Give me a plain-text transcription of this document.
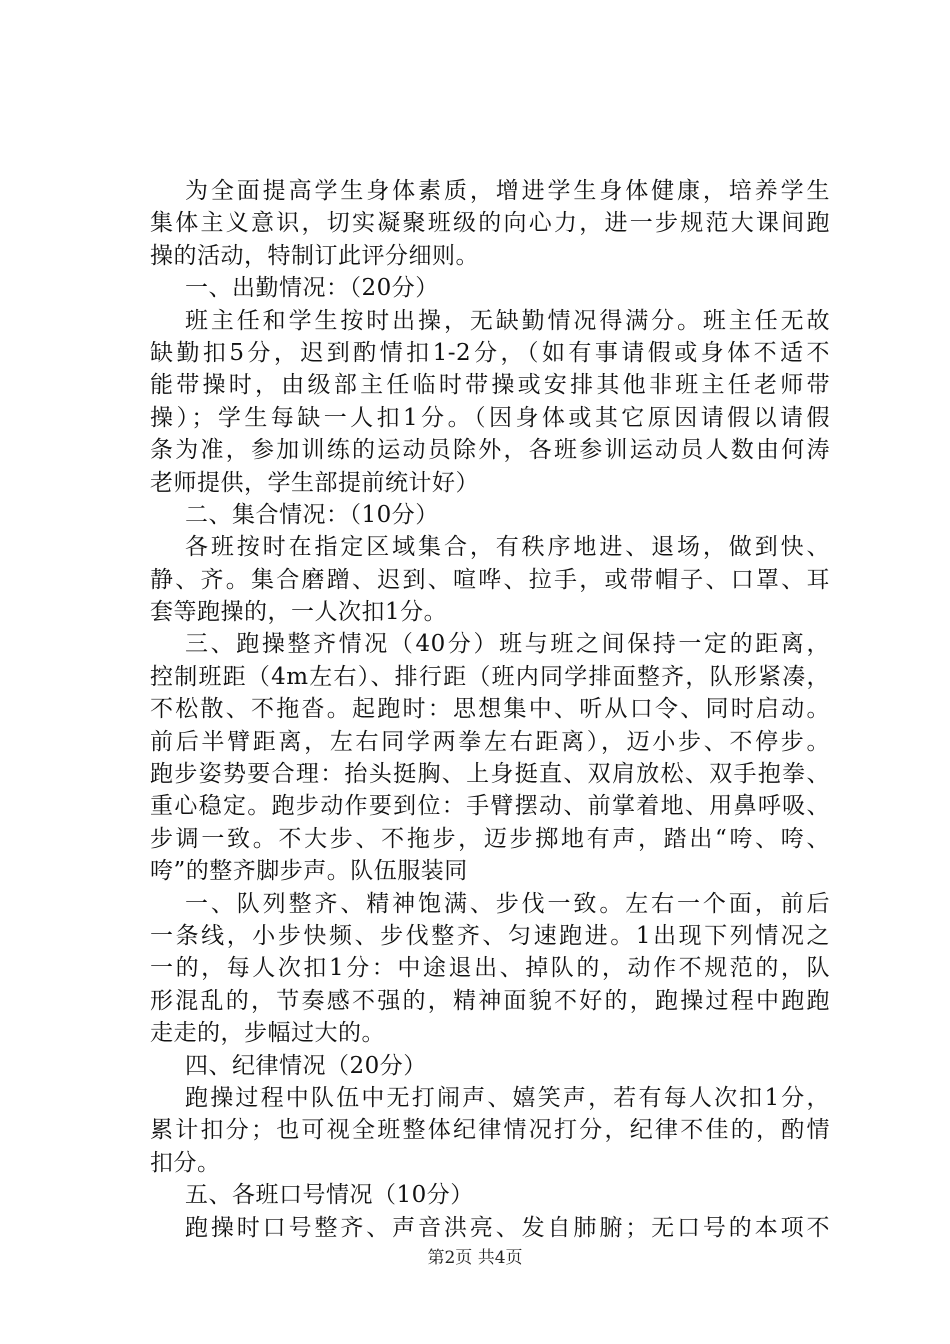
为全面提高学生身体素质，增进学生身体健康，培养学生
集体主义意识，切实凝聚班级的向心力，进一步规范大课间跑
操的活动，特制订此评分细则。
一、出勤情况：（20分）
班主任和学生按时出操，无缺勤情况得满分。班主任无故
缺勤扣5分，迟到酌情扣1-2分，（如有事请假或身体不适不
能带操时，由级部主任临时带操或安排其他非班主任老师带
操）；学生每缺一人扣1分。（因身体或其它原因请假以请假
条为准，参加训练的运动员除外，各班参训运动员人数由何涛
老师提供，学生部提前统计好）
二、集合情况：（10分）
各班按时在指定区域集合，有秩序地进、退场，做到快、
静、齐。集合磨蹭、迟到、喧哗、拉手，或带帽子、口罩、耳
套等跑操的，一人次扣1分。
三、跑操整齐情况（40分）班与班之间保持一定的距离，
控制班距（4m左右）、排行距（班内同学排面整齐，队形紧凑，
不松散、不拖沓。起跑时：思想集中、听从口令、同时启动。
前后半臂距离，左右同学两拳左右距离），迈小步、不停步。
跑步姿势要合理：抬头挺胸、上身挺直、双肩放松、双手抱拳、
重心稳定。跑步动作要到位：手臂摆动、前掌着地、用鼻呼吸、
步调一致。不大步、不拖步，迈步掷地有声，踏出“咵、咵、
咵”的整齐脚步声。队伍服装同
一、队列整齐、精神饱满、步伐一致。左右一个面，前后
一条线，小步快频、步伐整齐、匀速跑进。1出现下列情况之
一的，每人次扣1分：中途退出、掉队的，动作不规范的，队
形混乱的，节奏感不强的，精神面貌不好的，跑操过程中跑跑
走走的，步幅过大的。
四、纪律情况（20分）
跑操过程中队伍中无打闹声、嬉笑声，若有每人次扣1分，
累计扣分；也可视全班整体纪律情况打分，纪律不佳的，酌情
扣分。
五、各班口号情况（10分）
跑操时口号整齐、声音洪亮、发自肺腑；无口号的本项不
第2页 共4页
